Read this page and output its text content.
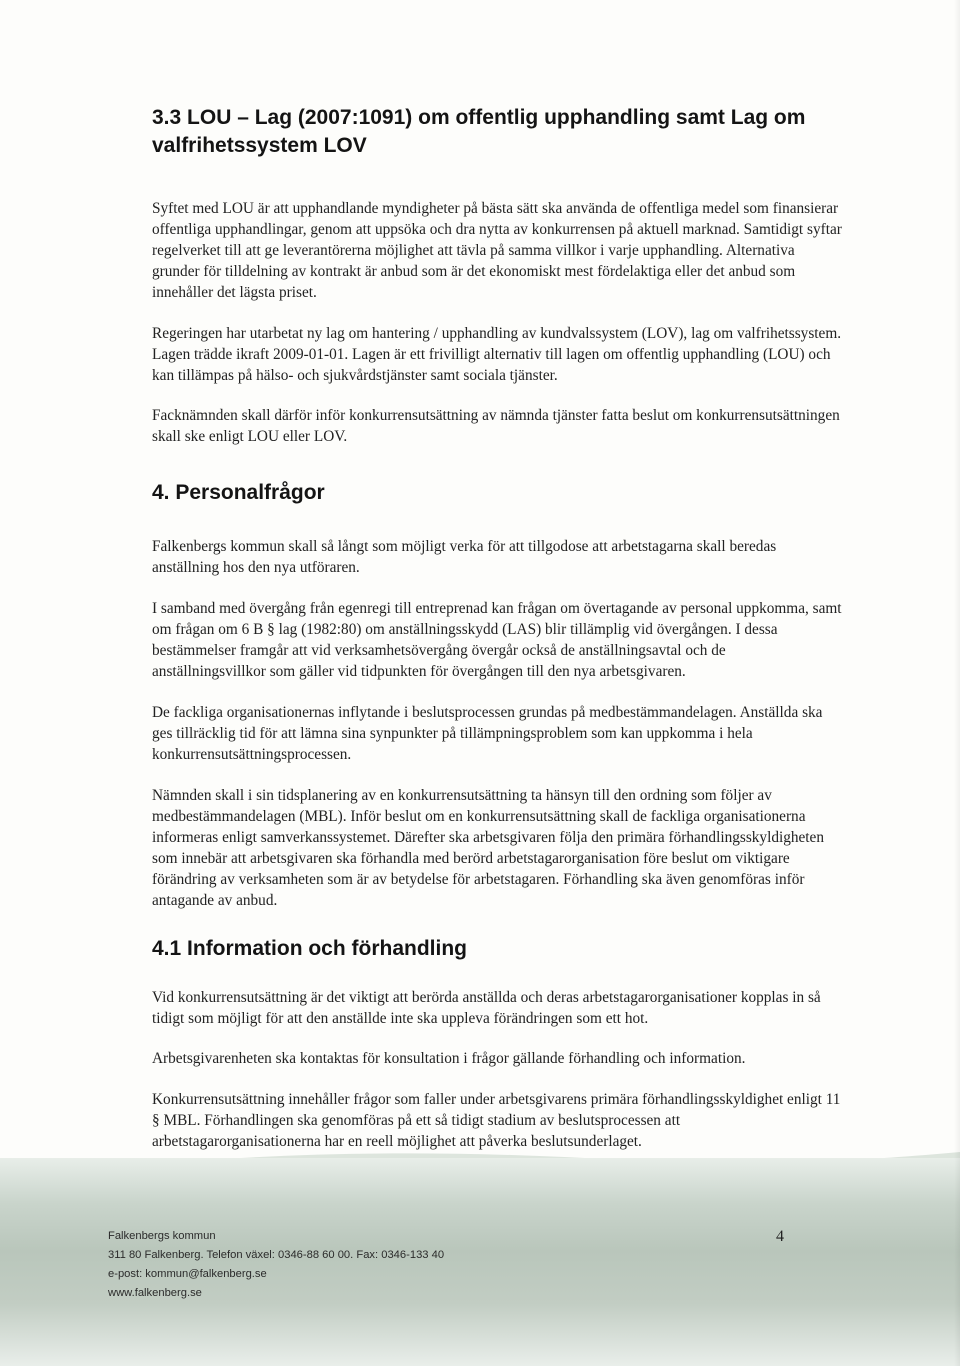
3.3 LOU – Lag (2007:1091) om offentlig upphandling samt Lag om valfrihetssystem LOV

Syftet med LOU är att upphandlande myndigheter på bästa sätt ska använda de offentliga medel som finansierar offentliga upphandlingar, genom att uppsöka och dra nytta av konkurrensen på aktuell marknad. Samtidigt syftar regelverket till att ge leverantörerna möjlighet att tävla på samma villkor i varje upphandling. Alternativa grunder för tilldelning av kontrakt är anbud som är det ekonomiskt mest fördelaktiga eller det anbud som innehåller det lägsta priset.

Regeringen har utarbetat ny lag om hantering / upphandling av kundvalssystem (LOV), lag om valfrihetssystem. Lagen trädde ikraft 2009-01-01. Lagen är ett frivilligt alternativ till lagen om offentlig upphandling (LOU) och kan tillämpas på hälso- och sjukvårdstjänster samt sociala tjänster.

Facknämnden skall därför inför konkurrensutsättning av nämnda tjänster fatta beslut om konkurrensutsättningen skall ske enligt LOU eller LOV.

4. Personalfrågor

Falkenbergs kommun skall så långt som möjligt verka för att tillgodose att arbetstagarna skall beredas anställning hos den nya utföraren.

I samband med övergång från egenregi till entreprenad kan frågan om övertagande av personal uppkomma, samt om frågan om 6 B § lag (1982:80) om anställningsskydd (LAS) blir tillämplig vid övergången. I dessa bestämmelser framgår att vid verksamhetsövergång övergår också de anställningsavtal och de anställningsvillkor som gäller vid tidpunkten för övergången till den nya arbetsgivaren.

De fackliga organisationernas inflytande i beslutsprocessen grundas på medbestämmandelagen. Anställda ska ges tillräcklig tid för att lämna sina synpunkter på tillämpningsproblem som kan uppkomma i hela konkurrensutsättningsprocessen.

Nämnden skall i sin tidsplanering av en konkurrensutsättning ta hänsyn till den ordning som följer av medbestämmandelagen (MBL). Inför beslut om en konkurrensutsättning skall de fackliga organisationerna informeras enligt samverkanssystemet. Därefter ska arbetsgivaren följa den primära förhandlingsskyldigheten som innebär att arbetsgivaren ska förhandla med berörd arbetstagarorganisation före beslut om viktigare förändring av verksamheten som är av betydelse för arbetstagaren. Förhandling ska även genomföras inför antagande av anbud.

4.1 Information och förhandling

Vid konkurrensutsättning är det viktigt att berörda anställda och deras arbetstagarorganisationer kopplas in så tidigt som möjligt för att den anställde inte ska uppleva förändringen som ett hot.

Arbetsgivarenheten ska kontaktas för konsultation i frågor gällande förhandling och information.

Konkurrensutsättning innehåller frågor som faller under arbetsgivarens primära förhandlingsskyldighet enligt 11 § MBL. Förhandlingen ska genomföras på ett så tidigt stadium av beslutsprocessen att arbetstagarorganisationerna har en reell möjlighet att påverka beslutsunderlaget.

Falkenbergs kommun
311 80 Falkenberg. Telefon växel: 0346-88 60 00. Fax: 0346-133 40
e-post: kommun@falkenberg.se
www.falkenberg.se
4
